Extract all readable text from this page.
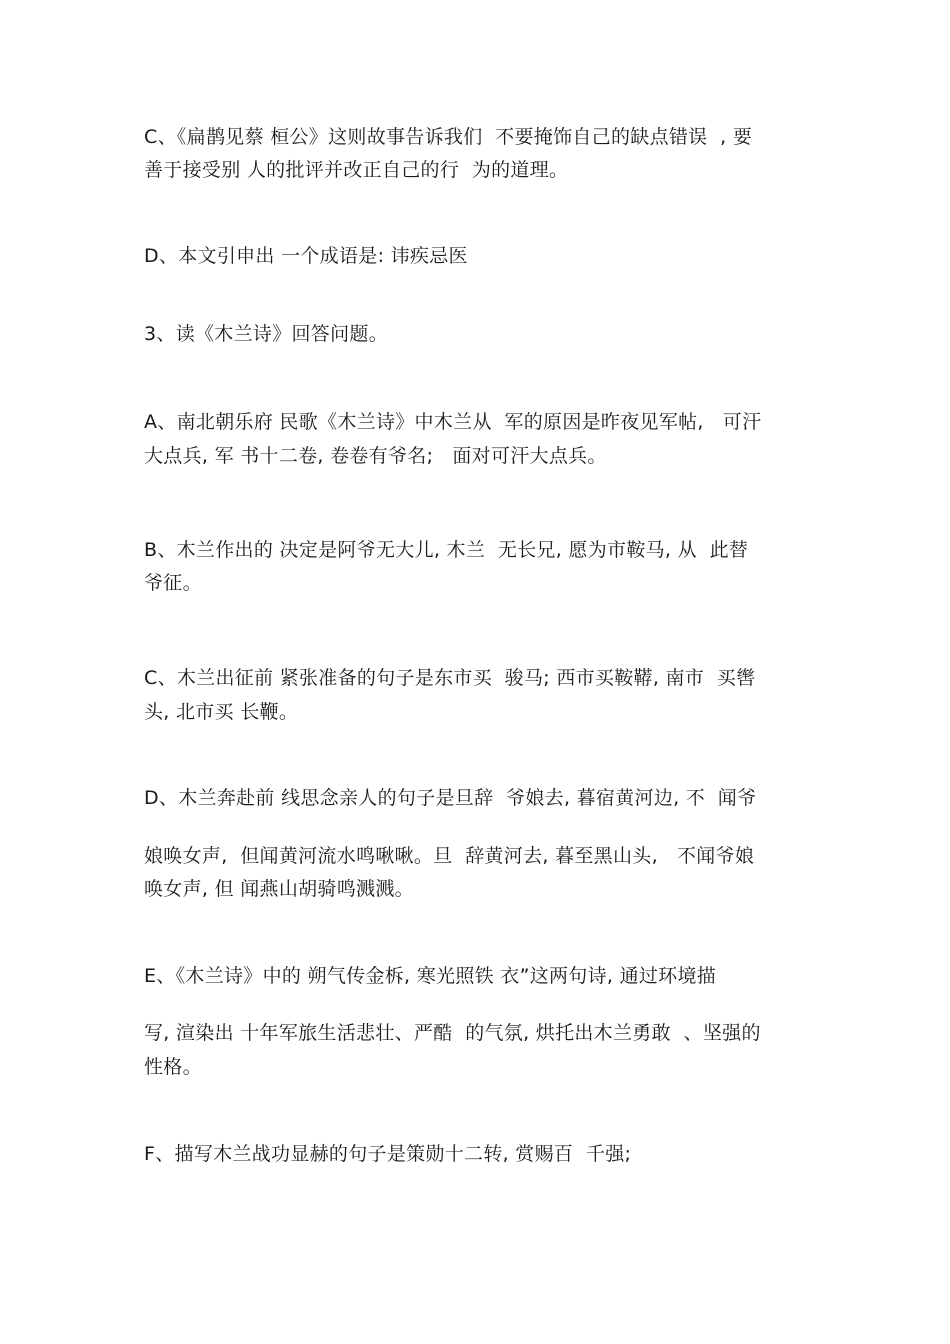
C、《扁鹊见蔡 桓公》这则故事告诉我们  不要掩饰自己的缺点错误  , 要
善于接受别 人的批评并改正自己的行  为的道理。
D、本文引申出 一个成语是: 讳疾忌医
3、读《木兰诗》回答问题。
A、南北朝乐府 民歌《木兰诗》中木兰从  军的原因是昨夜见军帖,   可汗
大点兵, 军 书十二卷, 卷卷有爷名;   面对可汗大点兵。
B、木兰作出的 决定是阿爷无大儿, 木兰  无长兄, 愿为市鞍马, 从  此替
爷征。
C、木兰出征前 紧张准备的句子是东市买  骏马; 西市买鞍鞯, 南市  买辔
头, 北市买 长鞭。
D、木兰奔赴前 线思念亲人的句子是旦辞  爷娘去, 暮宿黄河边, 不  闻爷
娘唤女声,  但闻黄河流水鸣啾啾。旦  辞黄河去, 暮至黑山头,   不闻爷娘
唤女声, 但 闻燕山胡骑鸣溅溅。
E、《木兰诗》中的 朔气传金柝, 寒光照铁 衣”这两句诗, 通过环境描
写, 渲染出 十年军旅生活悲壮、严酷  的气氛, 烘托出木兰勇敢  、坚强的
性格。
F、描写木兰战功显赫的句子是策勋十二转, 赏赐百  千强;
